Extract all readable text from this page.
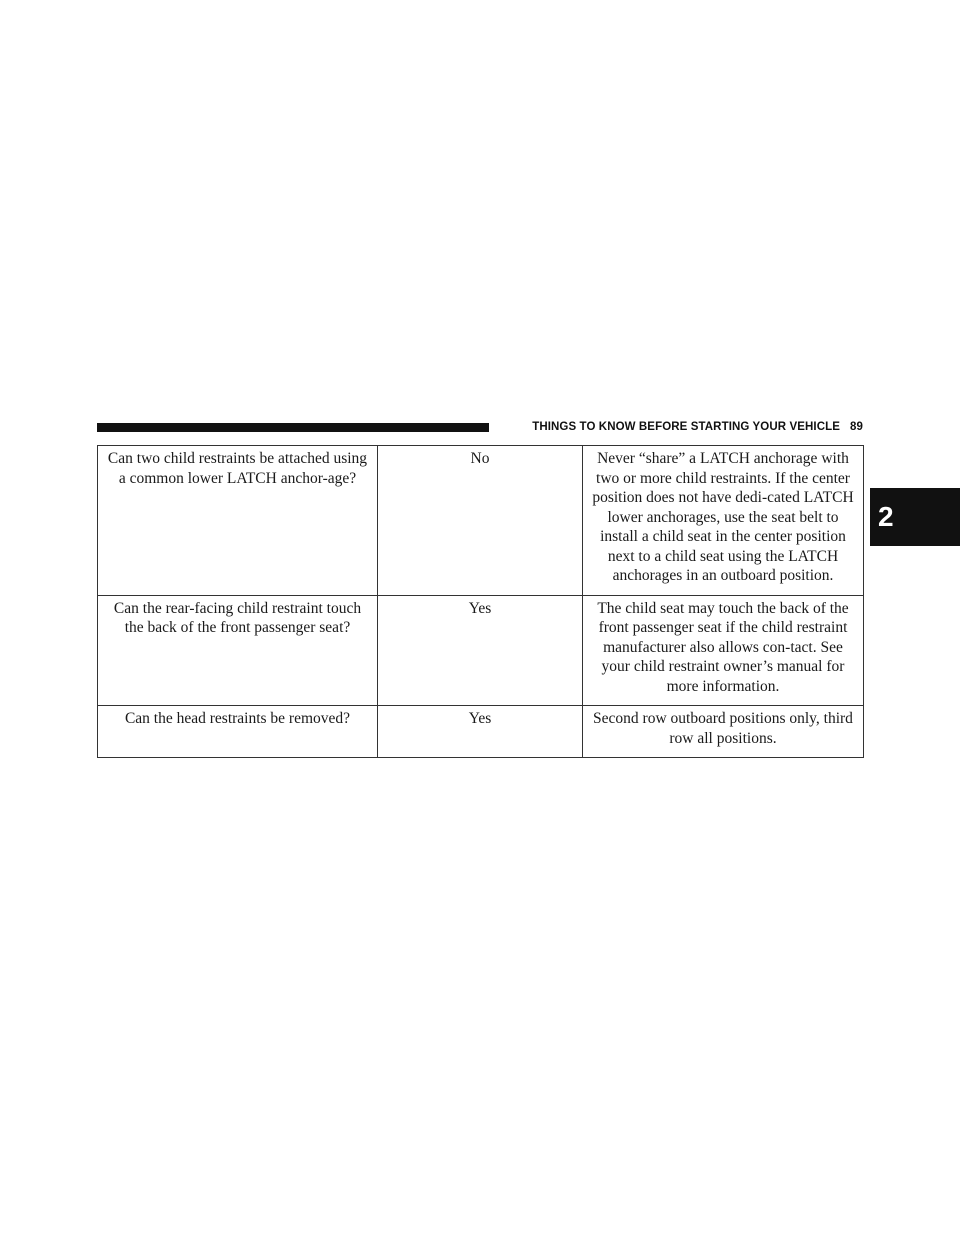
THINGS TO KNOW BEFORE STARTING YOUR VEHICLE 89
2
Can two child restraints be attached using a common lower LATCH anchor-age?	No	Never “share” a LATCH anchorage with two or more child restraints. If the center position does not have dedi-cated LATCH lower anchorages, use the seat belt to install a child seat in the center position next to a child seat using the LATCH anchorages in an outboard position.
Can the rear-facing child restraint touch the back of the front passenger seat?	Yes	The child seat may touch the back of the front passenger seat if the child restraint manufacturer also allows con-tact. See your child restraint owner’s manual for more information.
Can the head restraints be removed?	Yes	Second row outboard positions only, third row all positions.
